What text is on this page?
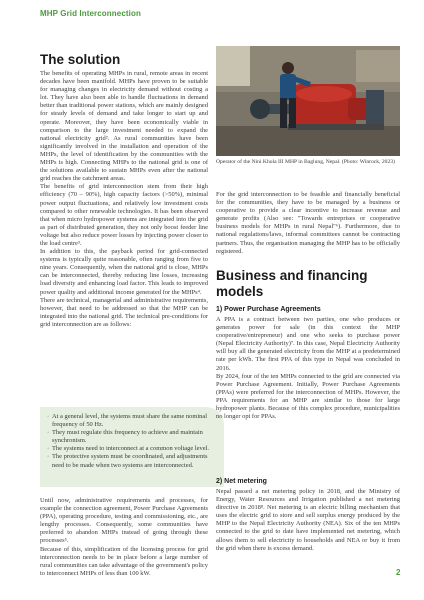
MHP Grid Interconnection
The solution

The benefits of operating MHPs in rural, remote areas in recent decades have been manifold. MHPs have proven to be suitable for managing changes in electricity demand without costing a lot. They have also been able to handle fluctuations in demand better than traditional power stations, which are mainly designed for steady levels of demand and take longer to start up and operate. Moreover, they have been economically viable in comparison to the large investment needed to expand the national electricity grid². As rural communities have been significantly involved in the installation and operation of the MHPs, the level of identification by the communities with the MHPs is high. Connecting MHPs to the national grid is one of the solutions available to sustain MHPs even after the national grid reaches the catchment areas.

The benefits of grid interconnection stem from their high efficiency (70 – 90%), high capacity factors (>50%), minimal power output fluctuations, and relatively low investment costs compared to other renewable technologies. It has been observed that when micro hydropower systems are integrated into the grid as part of distributed generation, they not only boost feeder line voltage but also reduce power losses by injecting power closer to the load centre³.

In addition to this, the payback period for grid-connected systems is typically quite reasonable, often ranging from five to nine years. Consequently, when the national grid is close, MHPs can be interconnected, thereby reducing line losses, increasing load diversity and enhancing load factor. This leads to improved power quality and additional income generated for the MHPs⁴.

There are technical, managerial and administrative requirements, however, that need to be addressed so that the MHP can be integrated into the national grid. The technical pre-conditions for grid interconnection are as follows:

· At a general level, the systems must share the same nominal frequency of 50 Hz.
· They must regulate this frequency to achieve and maintain synchronism.
· The systems need to interconnect at a common voltage level.
· The protective system must be coordinated, and adjustments need to be made when two systems are interconnected.

Until now, administrative requirements and processes, for example the connection agreement, Power Purchase Agreements (PPA), operating procedure, testing and commissioning, etc., are lengthy processes. Consequently, some communities have preferred to abandon MHPs instead of going through these processes⁵.

Because of this, simplification of the licensing process for grid interconnection needs to be in place before a large number of rural communities can take advantage of the government's policy to interconnect MHPs of less than 100 kW.

Operator of the Nini Khola III MHP in Baglung, Nepal. (Photo: Winrock, 2023)

For the grid interconnection to be feasible and financially beneficial for the communities, they have to be managed by a business or cooperative to provide a clear incentive to increase revenue and generate profits (Also see: "Towards entreprises or cooperative business models for MHPs in rural Nepal"⁶). Furthermore, due to national regulations/laws, informal committees cannot be contracting partners. Thus, the organisation managing the MHP has to be officially registered.

Business and financing models
1) Power Purchase Agreements

A PPA is a contract between two parties, one who produces or generates power for sale (in this context the MHP cooperative/entrepreneur) and one who seeks to purchase power (Nepal Electricity Authority)⁷. In this case, Nepal Electricity Authority will buy all the generated electricity from the MHP at a predetermined rate per kWh. The first PPA of this type in Nepal was concluded in 2016.

By 2024, four of the ten MHPs connected to the grid are connected via Power Purchase Agreement. Initially, Power Purchase Agreements (PPAs) were preferred for the interconnection of MHPs. However, the PPA requirements for an MHP are similar to those for large hydropower plants. Because of this complex procedure, municipalities no longer opt for PPAs.

2) Net metering

Nepal passed a net metering policy in 2018, and the Ministry of Energy, Water Resources and Irrigation published a net metering directive in 2018⁸. Net metering is an electric billing mechanism that uses the electric grid to store and sell surplus energy produced by the MHP to the Nepal Electricity Authority (NEA). Six of the ten MHPs connected to the grid to date have implemented net metering, which allows them to sell electricity to households and NEA or buy it from the grid when there is excess demand.

2
